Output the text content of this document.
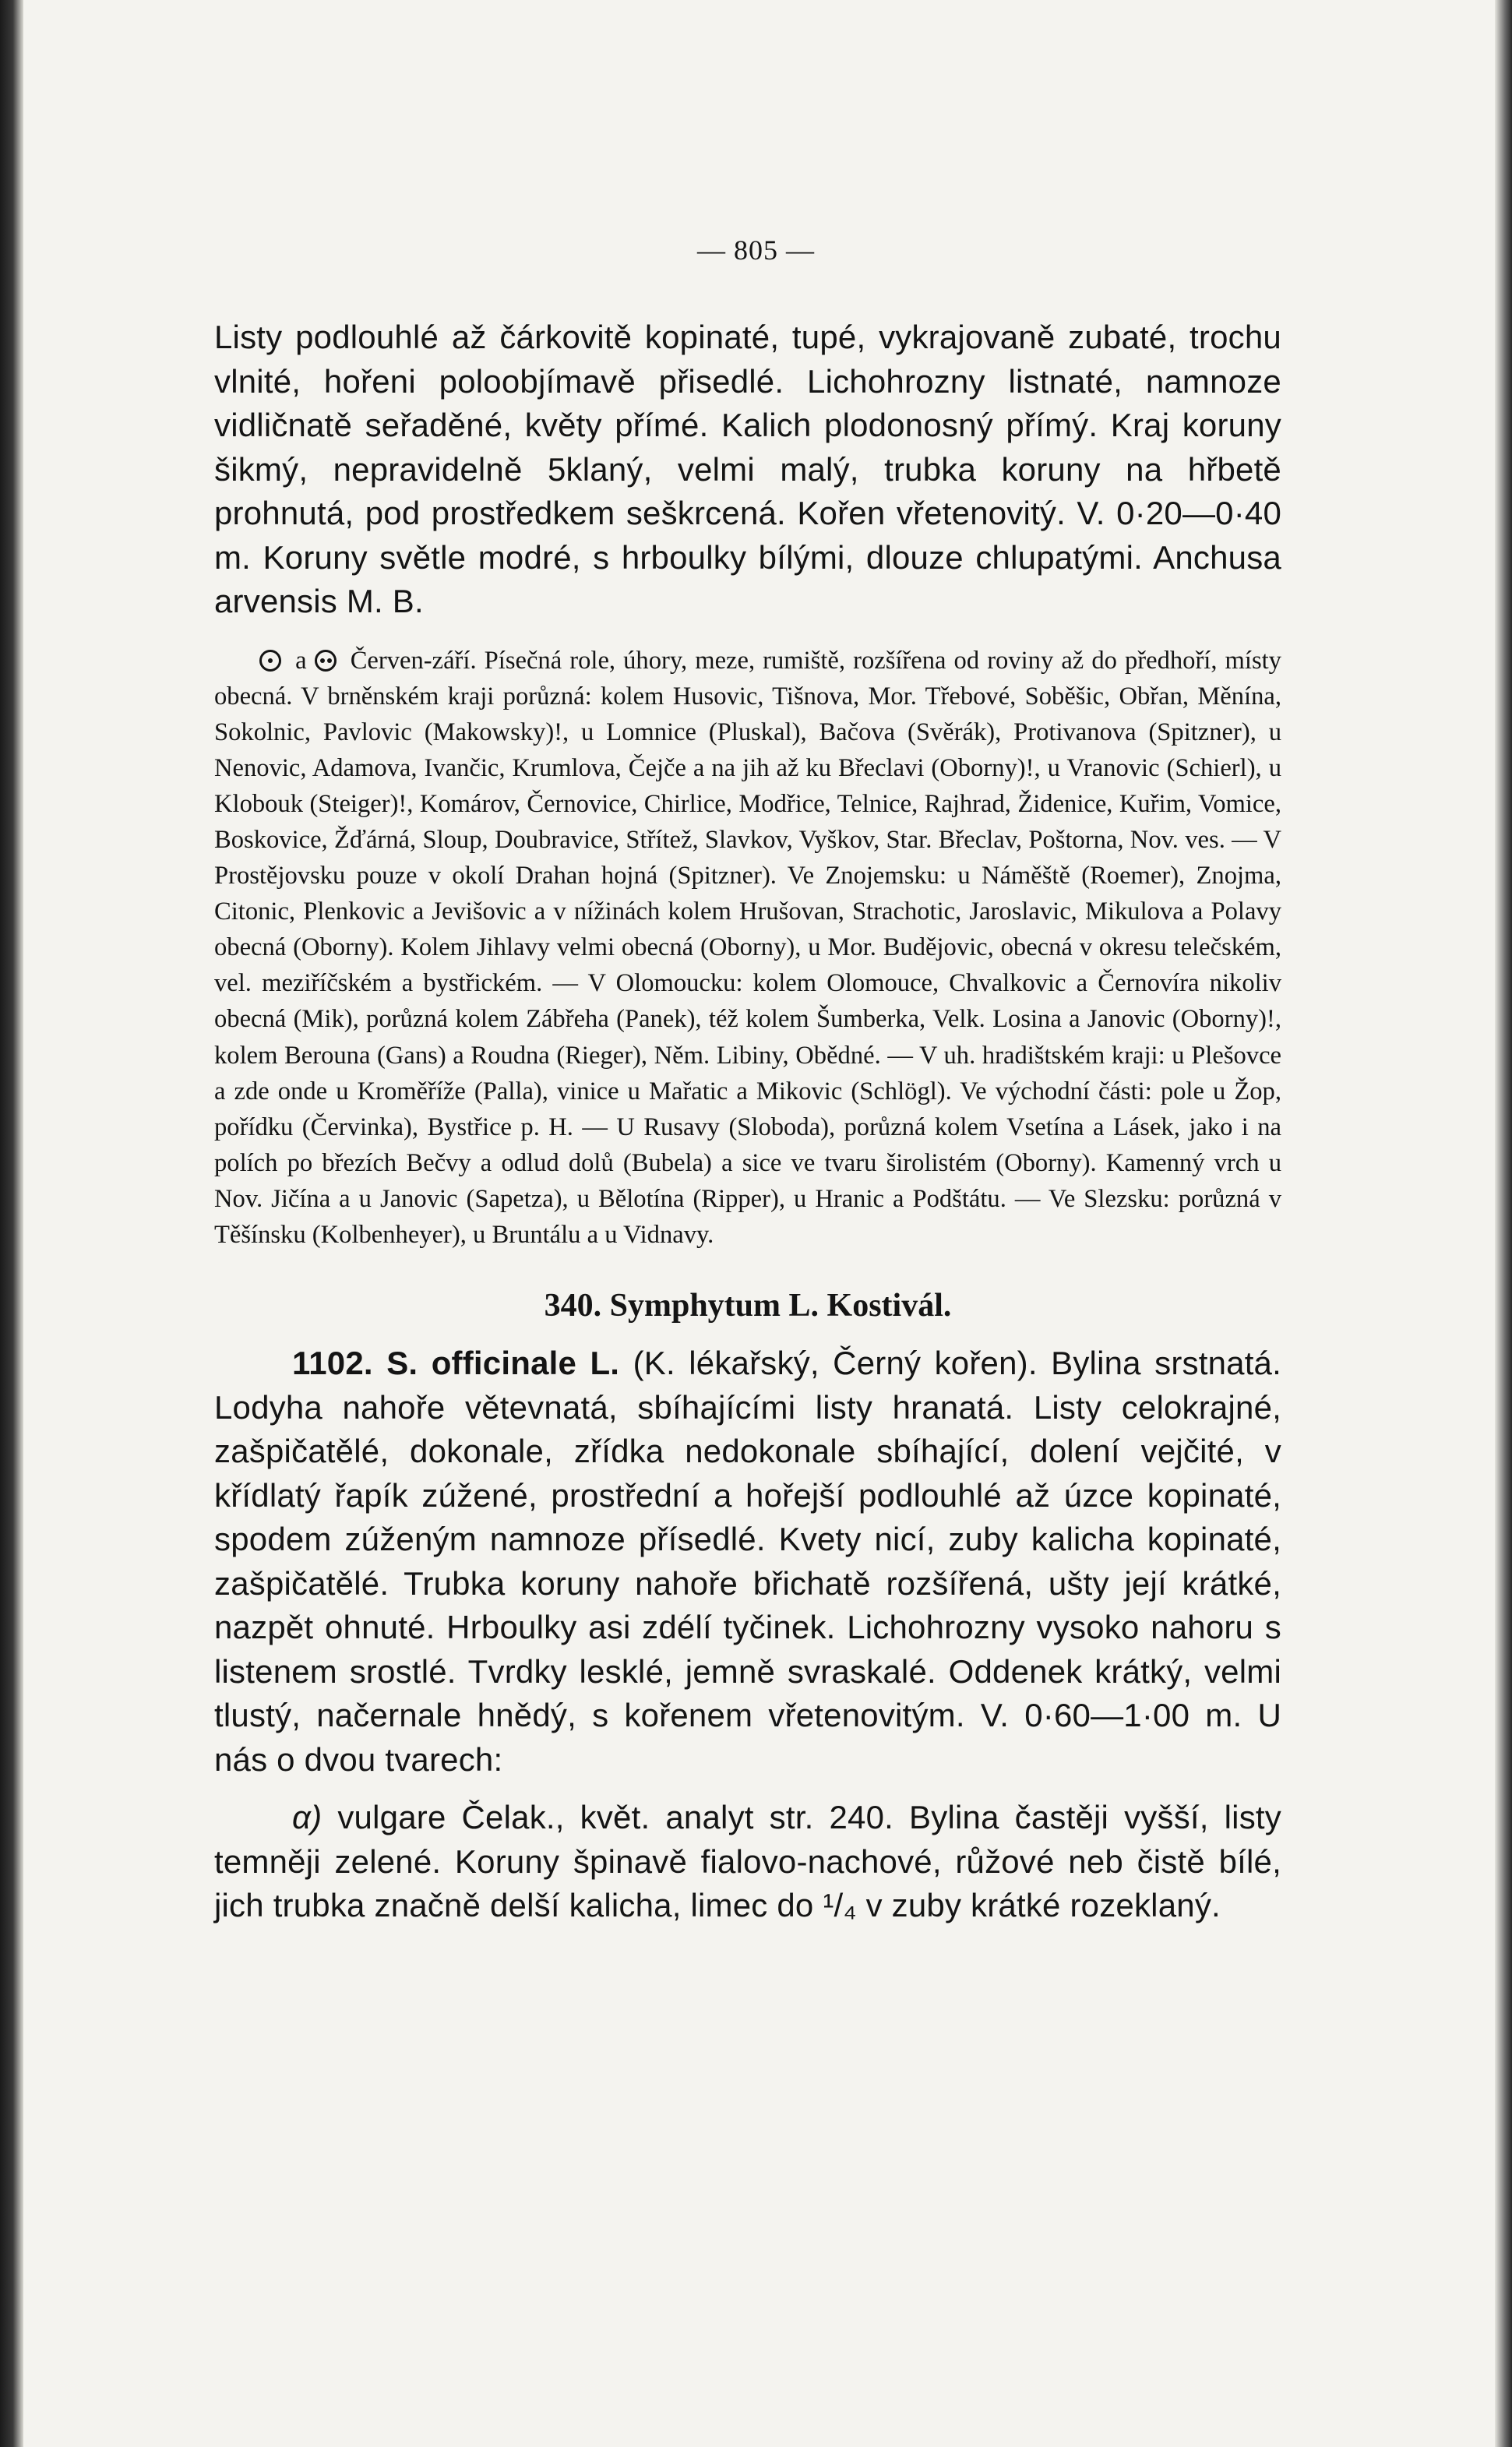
— 805 —

Listy podlouhlé až čárkovitě kopinaté, tupé, vykrajovaně zubaté, trochu vlnité, hořeni poloobjímavě přisedlé. Lichohrozny listnaté, namnoze vidličnatě seřaděné, květy přímé. Kalich plodonosný přímý. Kraj koruny šikmý, nepravidelně 5klaný, velmi malý, trubka koruny na hřbetě prohnutá, pod prostředkem seškrcená. Kořen vřetenovitý. V. 0·20—0·40 m. Koruny světle modré, s hrboulky bílými, dlouze chlupatými. Anchusa arvensis M. B.

a Červen-září. Písečná role, úhory, meze, rumiště, rozšířena od roviny až do předhoří, místy obecná. V brněnském kraji porůzná: kolem Husovic, Tišnova, Mor. Třebové, Soběšic, Obřan, Měnína, Sokolnic, Pavlovic (Makowsky)!, u Lomnice (Pluskal), Bačova (Svěrák), Protivanova (Spitzner), u Nenovic, Adamova, Ivančic, Krumlova, Čejče a na jih až ku Břeclavi (Oborny)!, u Vranovic (Schierl), u Klobouk (Steiger)!, Komárov, Černovice, Chirlice, Modřice, Telnice, Rajhrad, Židenice, Kuřim, Vomice, Boskovice, Žďárná, Sloup, Doubravice, Střítež, Slavkov, Vyškov, Star. Břeclav, Poštorna, Nov. ves. — V Prostějovsku pouze v okolí Drahan hojná (Spitzner). Ve Znojemsku: u Náměště (Roemer), Znojma, Citonic, Plenkovic a Jevišovic a v nížinách kolem Hrušovan, Strachotic, Jaroslavic, Mikulova a Polavy obecná (Oborny). Kolem Jihlavy velmi obecná (Oborny), u Mor. Budějovic, obecná v okresu telečském, vel. meziříčském a bystřickém. — V Olomoucku: kolem Olomouce, Chvalkovic a Černovíra nikoliv obecná (Mik), porůzná kolem Zábřeha (Panek), též kolem Šumberka, Velk. Losina a Janovic (Oborny)!, kolem Berouna (Gans) a Roudna (Rieger), Něm. Libiny, Obědné. — V uh. hradištském kraji: u Plešovce a zde onde u Kroměříže (Palla), vinice u Mařatic a Mikovic (Schlögl). Ve východní části: pole u Žop, pořídku (Červinka), Bystřice p. H. — U Rusavy (Sloboda), porůzná kolem Vsetína a Lásek, jako i na polích po březích Bečvy a odlud dolů (Bubela) a sice ve tvaru širolistém (Oborny). Kamenný vrch u Nov. Jičína a u Janovic (Sapetza), u Bělotína (Ripper), u Hranic a Podštátu. — Ve Slezsku: porůzná v Těšínsku (Kolbenheyer), u Bruntálu a u Vidnavy.

340. Symphytum L. Kostivál.

1102. S. officinale L. (K. lékařský, Černý kořen). Bylina srstnatá. Lodyha nahoře větevnatá, sbíhajícími listy hranatá. Listy celokrajné, zašpičatělé, dokonale, zřídka nedokonale sbíhající, dolení vejčité, v křídlatý řapík zúžené, prostřední a hořejší podlouhlé až úzce kopinaté, spodem zúženým namnoze přísedlé. Kvety nicí, zuby kalicha kopinaté, zašpičatělé. Trubka koruny nahoře břichatě rozšířená, ušty její krátké, nazpět ohnuté. Hrboulky asi zdélí tyčinek. Lichohrozny vysoko nahoru s listenem srostlé. Tvrdky lesklé, jemně svraskalé. Oddenek krátký, velmi tlustý, načernale hnědý, s kořenem vřetenovitým. V. 0·60—1·00 m. U nás o dvou tvarech:

α) vulgare Čelak., květ. analyt str. 240. Bylina častěji vyšší, listy temněji zelené. Koruny špinavě fialovo-nachové, růžové neb čistě bílé, jich trubka značně delší kalicha, limec do ¹/₄ v zuby krátké rozeklaný.
